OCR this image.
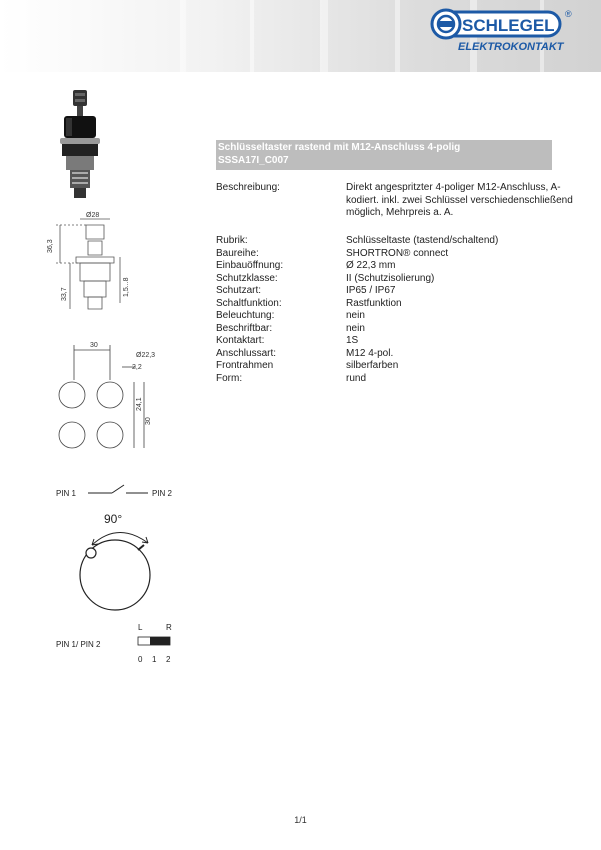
SCHLEGEL
®
ELEKTROKONTAKT
Schlüsseltaster rastend mit M12-Anschluss 4-polig
SSSA17I_C007
Beschreibung:	Direkt angespritzter 4-poliger M12-Anschluss, A-kodiert. inkl. zwei Schlüssel verschiedenschließend möglich, Mehrpreis a. A.
Rubrik:	Schlüsseltaste (tastend/schaltend)
Baureihe:	SHORTRON® connect
Einbauöffnung:	Ø 22,3 mm
Schutzklasse:	II (Schutzisolierung)
Schutzart:	IP65 / IP67
Schaltfunktion:	Rastfunktion
Beleuchtung:	nein
Beschriftbar:	nein
Kontaktart:	1S
Anschlussart:	M12 4-pol.
Frontrahmen	silberfarben
Form:	rund
Ø28
36,3
33,7	1,5...8
30
Ø22,3
2,2
24,1
30
PIN 1	PIN 2
90°
L	R
PIN 1/ PIN 2
0 1 2
1/1
